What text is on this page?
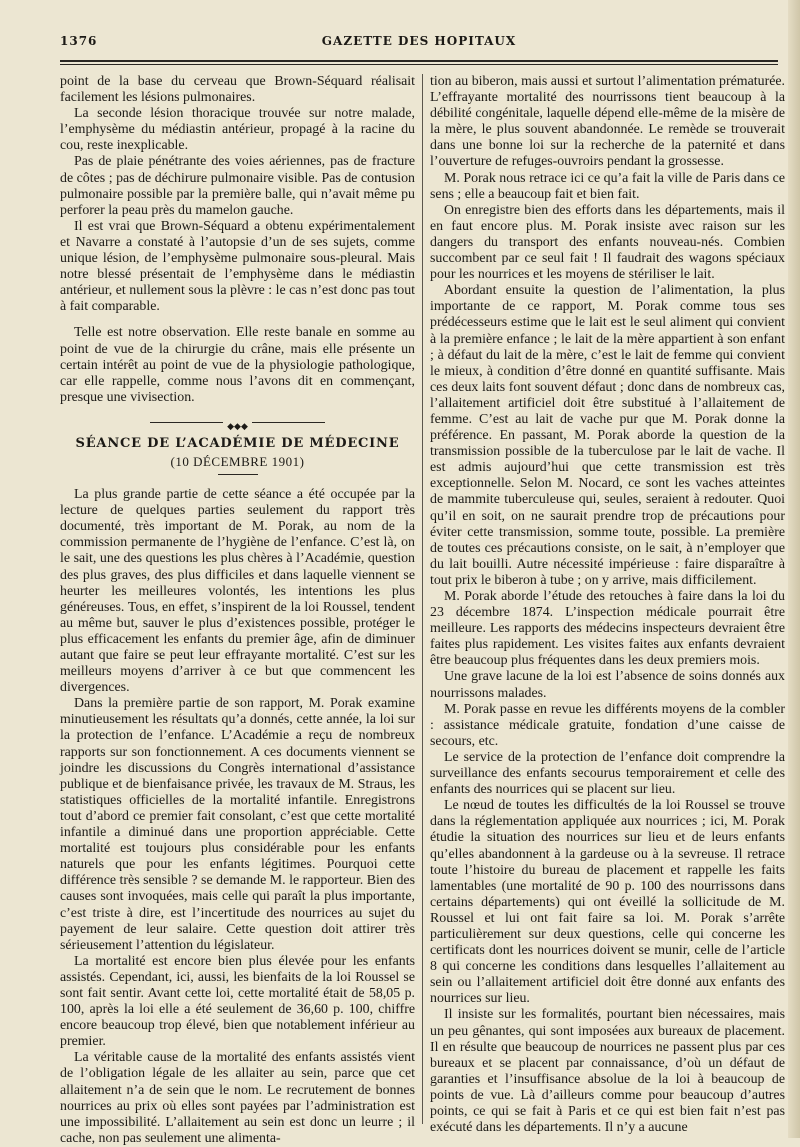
1376	GAZETTE DES HOPITAUX

point de la base du cerveau que Brown-Séquard réalisait facilement les lésions pulmonaires.

La seconde lésion thoracique trouvée sur notre malade, l’emphysème du médiastin antérieur, propagé à la racine du cou, reste inexplicable.

Pas de plaie pénétrante des voies aériennes, pas de fracture de côtes ; pas de déchirure pulmonaire visible. Pas de contusion pulmonaire possible par la première balle, qui n’avait même pu perforer la peau près du mamelon gauche.

Il est vrai que Brown-Séquard a obtenu expérimentalement et Navarre a constaté à l’autopsie d’un de ses sujets, comme unique lésion, de l’emphysème pulmonaire sous-pleural. Mais notre blessé présentait de l’emphysème dans le médiastin antérieur, et nullement sous la plèvre : le cas n’est donc pas tout à fait comparable.

Telle est notre observation. Elle reste banale en somme au point de vue de la chirurgie du crâne, mais elle présente un certain intérêt au point de vue de la physiologie pathologique, car elle rappelle, comme nous l’avons dit en commençant, presque une vivisection.

◆◆◆
SÉANCE DE L’ACADÉMIE DE MÉDECINE
(10 DÉCEMBRE 1901)

La plus grande partie de cette séance a été occupée par la lecture de quelques parties seulement du rapport très documenté, très important de M. Porak, au nom de la commission permanente de l’hygiène de l’enfance. C’est là, on le sait, une des questions les plus chères à l’Académie, question des plus graves, des plus difficiles et dans laquelle viennent se heurter les meilleures volontés, les intentions les plus généreuses. Tous, en effet, s’inspirent de la loi Roussel, tendent au même but, sauver le plus d’existences possible, protéger le plus efficacement les enfants du premier âge, afin de diminuer autant que faire se peut leur effrayante mortalité. C’est sur les meilleurs moyens d’arriver à ce but que commencent les divergences.

Dans la première partie de son rapport, M. Porak examine minutieusement les résultats qu’a donnés, cette année, la loi sur la protection de l’enfance. L’Académie a reçu de nombreux rapports sur son fonctionnement. A ces documents viennent se joindre les discussions du Congrès international d’assistance publique et de bienfaisance privée, les travaux de M. Straus, les statistiques officielles de la mortalité infantile. Enregistrons tout d’abord ce premier fait consolant, c’est que cette mortalité infantile a diminué dans une proportion appréciable. Cette mortalité est toujours plus considérable pour les enfants naturels que pour les enfants légitimes. Pourquoi cette différence très sensible ? se demande M. le rapporteur. Bien des causes sont invoquées, mais celle qui paraît la plus importante, c’est triste à dire, est l’incertitude des nourrices au sujet du payement de leur salaire. Cette question doit attirer très sérieusement l’attention du législateur.

La mortalité est encore bien plus élevée pour les enfants assistés. Cependant, ici, aussi, les bienfaits de la loi Roussel se sont fait sentir. Avant cette loi, cette mortalité était de 58,05 p. 100, après la loi elle a été seulement de 36,60 p. 100, chiffre encore beaucoup trop élevé, bien que notablement inférieur au premier.

La véritable cause de la mortalité des enfants assistés vient de l’obligation légale de les allaiter au sein, parce que cet allaitement n’a de sein que le nom. Le recrutement de bonnes nourrices au prix où elles sont payées par l’administration est une impossibilité. L’allaitement au sein est donc un leurre ; il cache, non pas seulement une alimenta-

tion au biberon, mais aussi et surtout l’alimentation prématurée. L’effrayante mortalité des nourrissons tient beaucoup à la débilité congénitale, laquelle dépend elle-même de la misère de la mère, le plus souvent abandonnée. Le remède se trouverait dans une bonne loi sur la recherche de la paternité et dans l’ouverture de refuges-ouvroirs pendant la grossesse.

M. Porak nous retrace ici ce qu’a fait la ville de Paris dans ce sens ; elle a beaucoup fait et bien fait.

On enregistre bien des efforts dans les départements, mais il en faut encore plus. M. Porak insiste avec raison sur les dangers du transport des enfants nouveau-nés. Combien succombent par ce seul fait ! Il faudrait des wagons spéciaux pour les nourrices et les moyens de stériliser le lait.

Abordant ensuite la question de l’alimentation, la plus importante de ce rapport, M. Porak comme tous ses prédécesseurs estime que le lait est le seul aliment qui convient à la première enfance ; le lait de la mère appartient à son enfant ; à défaut du lait de la mère, c’est le lait de femme qui convient le mieux, à condition d’être donné en quantité suffisante. Mais ces deux laits font souvent défaut ; donc dans de nombreux cas, l’allaitement artificiel doit être substitué à l’allaitement de femme. C’est au lait de vache pur que M. Porak donne la préférence. En passant, M. Porak aborde la question de la transmission possible de la tuberculose par le lait de vache. Il est admis aujourd’hui que cette transmission est très exceptionnelle. Selon M. Nocard, ce sont les vaches atteintes de mammite tuberculeuse qui, seules, seraient à redouter. Quoi qu’il en soit, on ne saurait prendre trop de précautions pour éviter cette transmission, somme toute, possible. La première de toutes ces précautions consiste, on le sait, à n’employer que du lait bouilli. Autre nécessité impérieuse : faire disparaître à tout prix le biberon à tube ; on y arrive, mais difficilement.

M. Porak aborde l’étude des retouches à faire dans la loi du 23 décembre 1874. L’inspection médicale pourrait être meilleure. Les rapports des médecins inspecteurs devraient être faites plus rapidement. Les visites faites aux enfants devraient être beaucoup plus fréquentes dans les deux premiers mois.

Une grave lacune de la loi est l’absence de soins donnés aux nourrissons malades.

M. Porak passe en revue les différents moyens de la combler : assistance médicale gratuite, fondation d’une caisse de secours, etc.

Le service de la protection de l’enfance doit comprendre la surveillance des enfants secourus temporairement et celle des enfants des nourrices qui se placent sur lieu.

Le nœud de toutes les difficultés de la loi Roussel se trouve dans la réglementation appliquée aux nourrices ; ici, M. Porak étudie la situation des nourrices sur lieu et de leurs enfants qu’elles abandonnent à la gardeuse ou à la sevreuse. Il retrace toute l’histoire du bureau de placement et rappelle les faits lamentables (une mortalité de 90 p. 100 des nourrissons dans certains départements) qui ont éveillé la sollicitude de M. Roussel et lui ont fait faire sa loi. M. Porak s’arrête particulièrement sur deux questions, celle qui concerne les certificats dont les nourrices doivent se munir, celle de l’article 8 qui concerne les conditions dans lesquelles l’allaitement au sein ou l’allaitement artificiel doit être donné aux enfants des nourrices sur lieu.

Il insiste sur les formalités, pourtant bien nécessaires, mais un peu gênantes, qui sont imposées aux bureaux de placement. Il en résulte que beaucoup de nourrices ne passent plus par ces bureaux et se placent par connaissance, d’où un défaut de garanties et l’insuffisance absolue de la loi à beaucoup de points de vue. Là d’ailleurs comme pour beaucoup d’autres points, ce qui se fait à Paris et ce qui est bien fait n’est pas exécuté dans les départements. Il n’y a aucune
